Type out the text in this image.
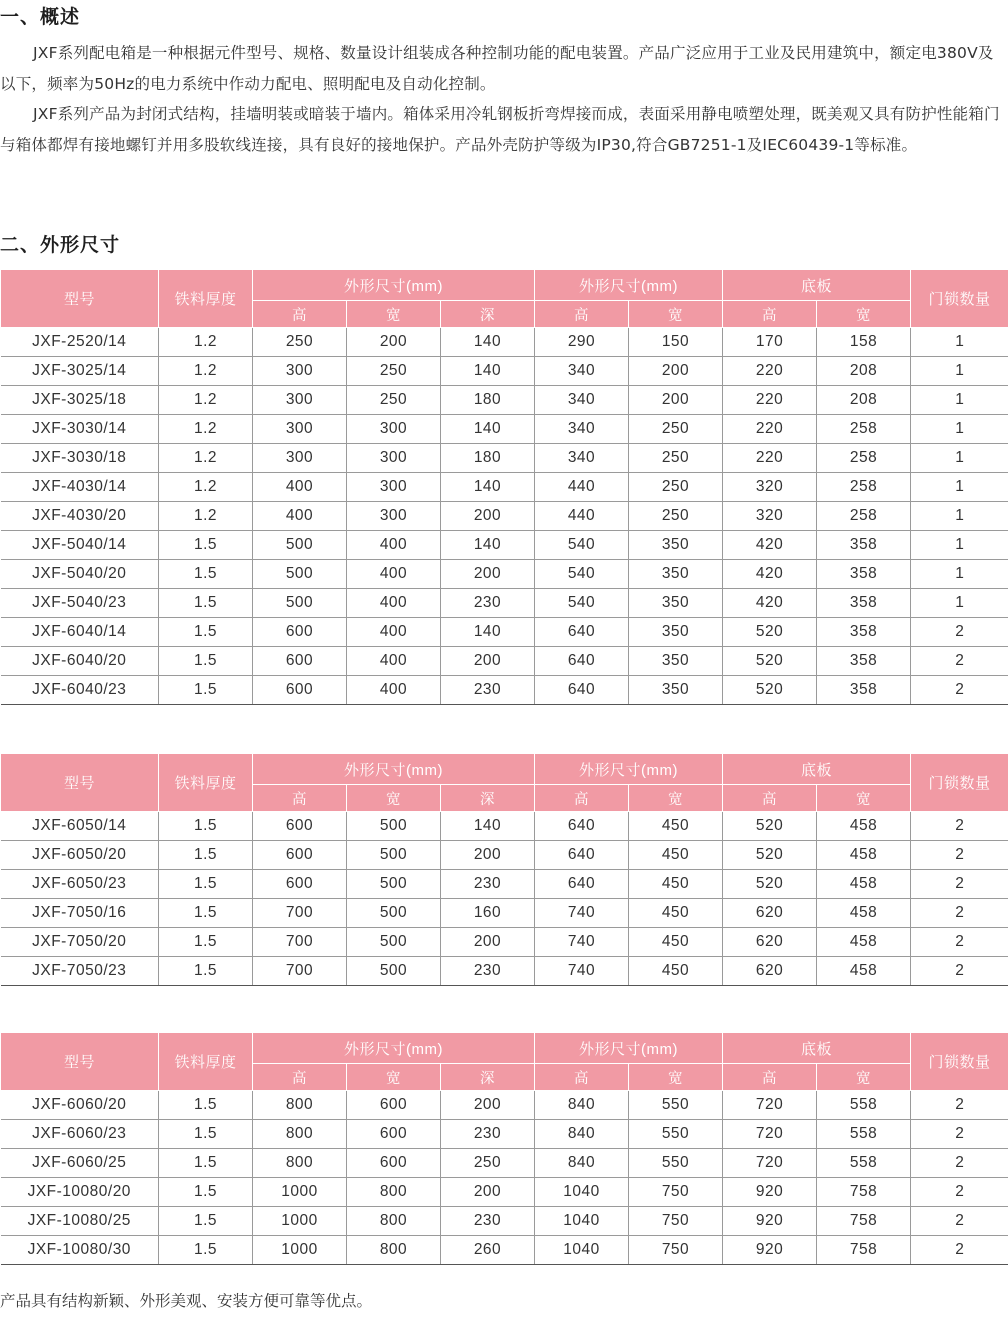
一、概述
JXF系列配电箱是一种根据元件型号、规格、数量设计组装成各种控制功能的配电装置。产品广泛应用于工业及民用建筑中，额定电380V及以下，频率为50Hz的电力系统中作动力配电、照明配电及自动化控制。
JXF系列产品为封闭式结构，挂墙明装或暗装于墙内。箱体采用冷轧钢板折弯焊接而成，表面采用静电喷塑处理，既美观又具有防护性能箱门与箱体都焊有接地螺钉并用多股软线连接，具有良好的接地保护。产品外壳防护等级为IP30,符合GB7251-1及IEC60439-1等标准。
二、外形尺寸
型号	铁料厚度	外形尺寸(mm)			外形尺寸(mm)		底板		门锁数量
		高	宽	深	高	宽	高	宽	
JXF-2520/14	1.2	250	200	140	290	150	170	158	1
JXF-3025/14	1.2	300	250	140	340	200	220	208	1
JXF-3025/18	1.2	300	250	180	340	200	220	208	1
JXF-3030/14	1.2	300	300	140	340	250	220	258	1
JXF-3030/18	1.2	300	300	180	340	250	220	258	1
JXF-4030/14	1.2	400	300	140	440	250	320	258	1
JXF-4030/20	1.2	400	300	200	440	250	320	258	1
JXF-5040/14	1.5	500	400	140	540	350	420	358	1
JXF-5040/20	1.5	500	400	200	540	350	420	358	1
JXF-5040/23	1.5	500	400	230	540	350	420	358	1
JXF-6040/14	1.5	600	400	140	640	350	520	358	2
JXF-6040/20	1.5	600	400	200	640	350	520	358	2
JXF-6040/23	1.5	600	400	230	640	350	520	358	2
型号	铁料厚度	外形尺寸(mm)			外形尺寸(mm)		底板		门锁数量
		高	宽	深	高	宽	高	宽	
JXF-6050/14	1.5	600	500	140	640	450	520	458	2
JXF-6050/20	1.5	600	500	200	640	450	520	458	2
JXF-6050/23	1.5	600	500	230	640	450	520	458	2
JXF-7050/16	1.5	700	500	160	740	450	620	458	2
JXF-7050/20	1.5	700	500	200	740	450	620	458	2
JXF-7050/23	1.5	700	500	230	740	450	620	458	2
型号	铁料厚度	外形尺寸(mm)			外形尺寸(mm)		底板		门锁数量
		高	宽	深	高	宽	高	宽	
JXF-6060/20	1.5	800	600	200	840	550	720	558	2
JXF-6060/23	1.5	800	600	230	840	550	720	558	2
JXF-6060/25	1.5	800	600	250	840	550	720	558	2
JXF-10080/20	1.5	1000	800	200	1040	750	920	758	2
JXF-10080/25	1.5	1000	800	230	1040	750	920	758	2
JXF-10080/30	1.5	1000	800	260	1040	750	920	758	2
产品具有结构新颖、外形美观、安装方便可靠等优点。
